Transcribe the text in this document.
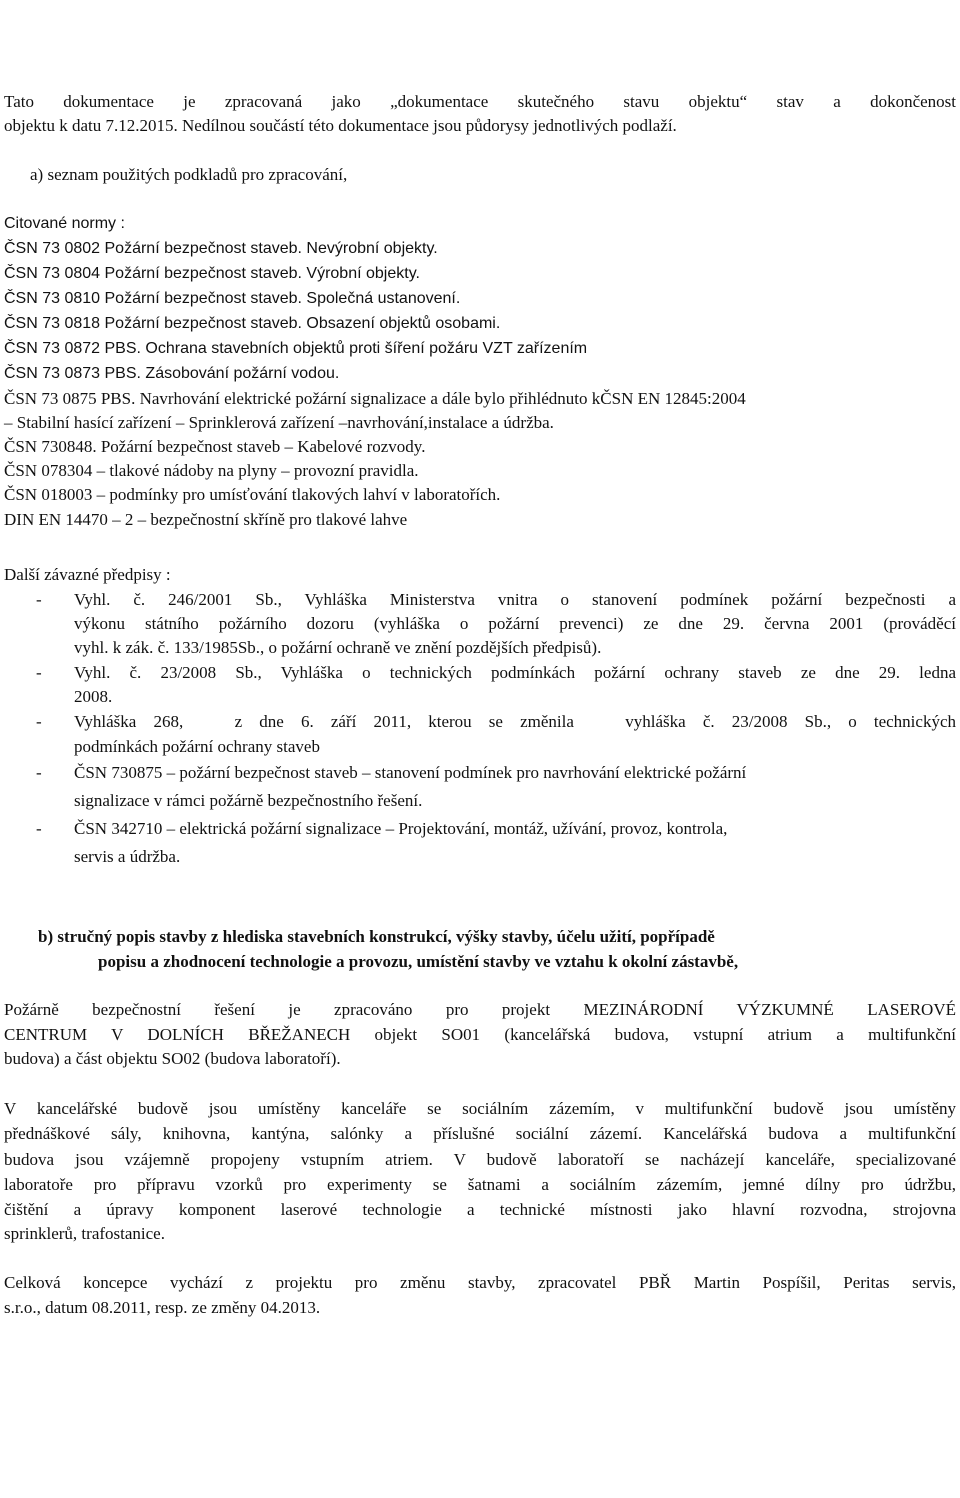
Tato dokumentace je zpracovaná jako „dokumentace skutečného stavu objektu“ stav a dokončenost
objektu k datu 7.12.2015. Nedílnou součástí této dokumentace jsou půdorysy jednotlivých podlaží.
a) seznam použitých podkladů pro zpracování,
Citované normy :
ČSN 73 0802 Požární bezpečnost staveb. Nevýrobní objekty.
ČSN 73 0804 Požární bezpečnost staveb. Výrobní objekty.
ČSN 73 0810 Požární bezpečnost staveb. Společná ustanovení.
ČSN 73 0818 Požární bezpečnost staveb. Obsazení objektů osobami.
ČSN 73 0872 PBS. Ochrana stavebních objektů proti šíření požáru VZT zařízením
ČSN 73 0873 PBS. Zásobování požární vodou.
ČSN 73 0875 PBS. Navrhování elektrické požární signalizace a dále bylo přihlédnuto kČSN EN 12845:2004
– Stabilní hasící zařízení – Sprinklerová zařízení –navrhování,instalace a údržba.
ČSN 730848. Požární bezpečnost staveb – Kabelové rozvody.
ČSN 078304 – tlakové nádoby na plyny – provozní pravidla.
ČSN 018003 – podmínky pro umísťování tlakových lahví v laboratořích.
DIN EN 14470 – 2 – bezpečnostní skříně pro tlakové lahve
Další závazné předpisy :
- Vyhl. č. 246/2001 Sb., Vyhláška Ministerstva vnitra o stanovení podmínek požární bezpečnosti a
výkonu státního požárního dozoru (vyhláška o požární prevenci) ze dne 29. června 2001 (prováděcí
vyhl. k zák. č. 133/1985Sb., o požární ochraně ve znění pozdějších předpisů).
- Vyhl. č. 23/2008 Sb., Vyhláška o technických podmínkách požární ochrany staveb ze dne 29. ledna
2008.
- Vyhláška 268,   z dne 6. září 2011, kterou se změnila   vyhláška č. 23/2008 Sb., o technických
podmínkách požární ochrany staveb
- ČSN 730875 – požární bezpečnost staveb – stanovení podmínek pro navrhování elektrické požární
signalizace v rámci požárně bezpečnostního řešení.
- ČSN 342710 – elektrická požární signalizace – Projektování, montáž, užívání, provoz, kontrola,
servis a údržba.
b) stručný popis stavby z hlediska stavebních konstrukcí, výšky stavby, účelu užití, popřípadě
popisu a zhodnocení technologie a provozu, umístění stavby ve vztahu k okolní zástavbě,
Požárně bezpečnostní řešení je zpracováno pro projekt MEZINÁRODNÍ VÝZKUMNÉ LASEROVÉ
CENTRUM V DOLNÍCH BŘEŽANECH objekt SO01 (kancelářská budova, vstupní atrium a multifunkční
budova) a část objektu SO02 (budova laboratoří).
V kancelářské budově jsou umístěny kanceláře se sociálním zázemím, v multifunkční budově jsou umístěny
přednáškové sály, knihovna, kantýna, salónky a příslušné sociální zázemí. Kancelářská budova a multifunkční
budova jsou vzájemně propojeny vstupním atriem. V budově laboratoří se nacházejí kanceláře, specializované
laboratoře pro přípravu vzorků pro experimenty se šatnami a sociálním zázemím, jemné dílny pro údržbu,
čištění a úpravy komponent laserové technologie a technické místnosti jako hlavní rozvodna, strojovna
sprinklerů, trafostanice.
Celková koncepce vychází z projektu pro změnu stavby, zpracovatel PBŘ Martin Pospíšil, Peritas servis,
s.r.o., datum 08.2011, resp. ze změny 04.2013.
